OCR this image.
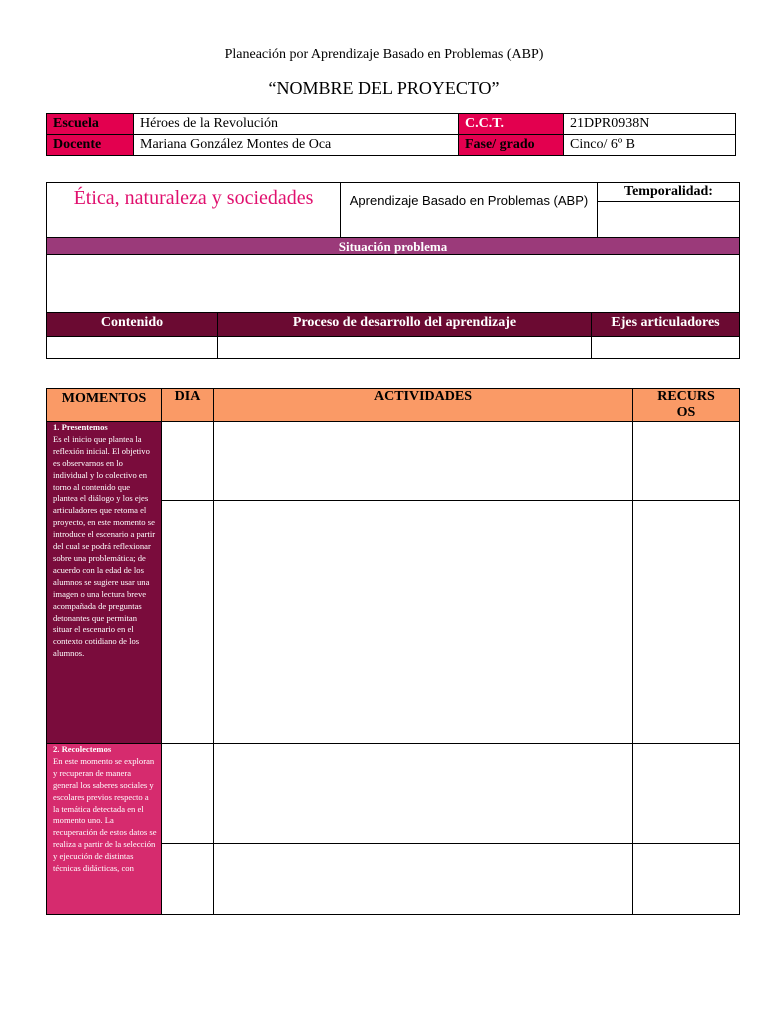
Planeación por Aprendizaje Basado en Problemas (ABP)
“NOMBRE DEL PROYECTO”
Escuela	Héroes de la Revolución	C.C.T.	21DPR0938N
Docente	Mariana González Montes de Oca	Fase/ grado	Cinco/ 6º B
Ética, naturaleza y sociedades	Aprendizaje Basado en Problemas (ABP)
Temporalidad:
Situación problema
Contenido	Proceso de desarrollo del aprendizaje	Ejes articuladores
MOMENTOS	DIA	ACTIVIDADES	RECURSOS
1. Presentemos
Es el inicio que plantea la reflexión inicial. El objetivo es observarnos en lo individual y lo colectivo en torno al contenido que plantea el diálogo y los ejes articuladores que retoma el proyecto, en este momento se introduce el escenario a partir del cual se podrá reflexionar sobre una problemática; de acuerdo con la edad de los alumnos se sugiere usar una imagen o una lectura breve acompañada de preguntas detonantes que permitan situar el escenario en el contexto cotidiano de los alumnos.
2. Recolectemos
En este momento se exploran y recuperan de manera general los saberes sociales y escolares previos respecto a la temática detectada en el momento uno. La recuperación de estos datos se realiza a partir de la selección y ejecución de distintas técnicas didácticas, con
